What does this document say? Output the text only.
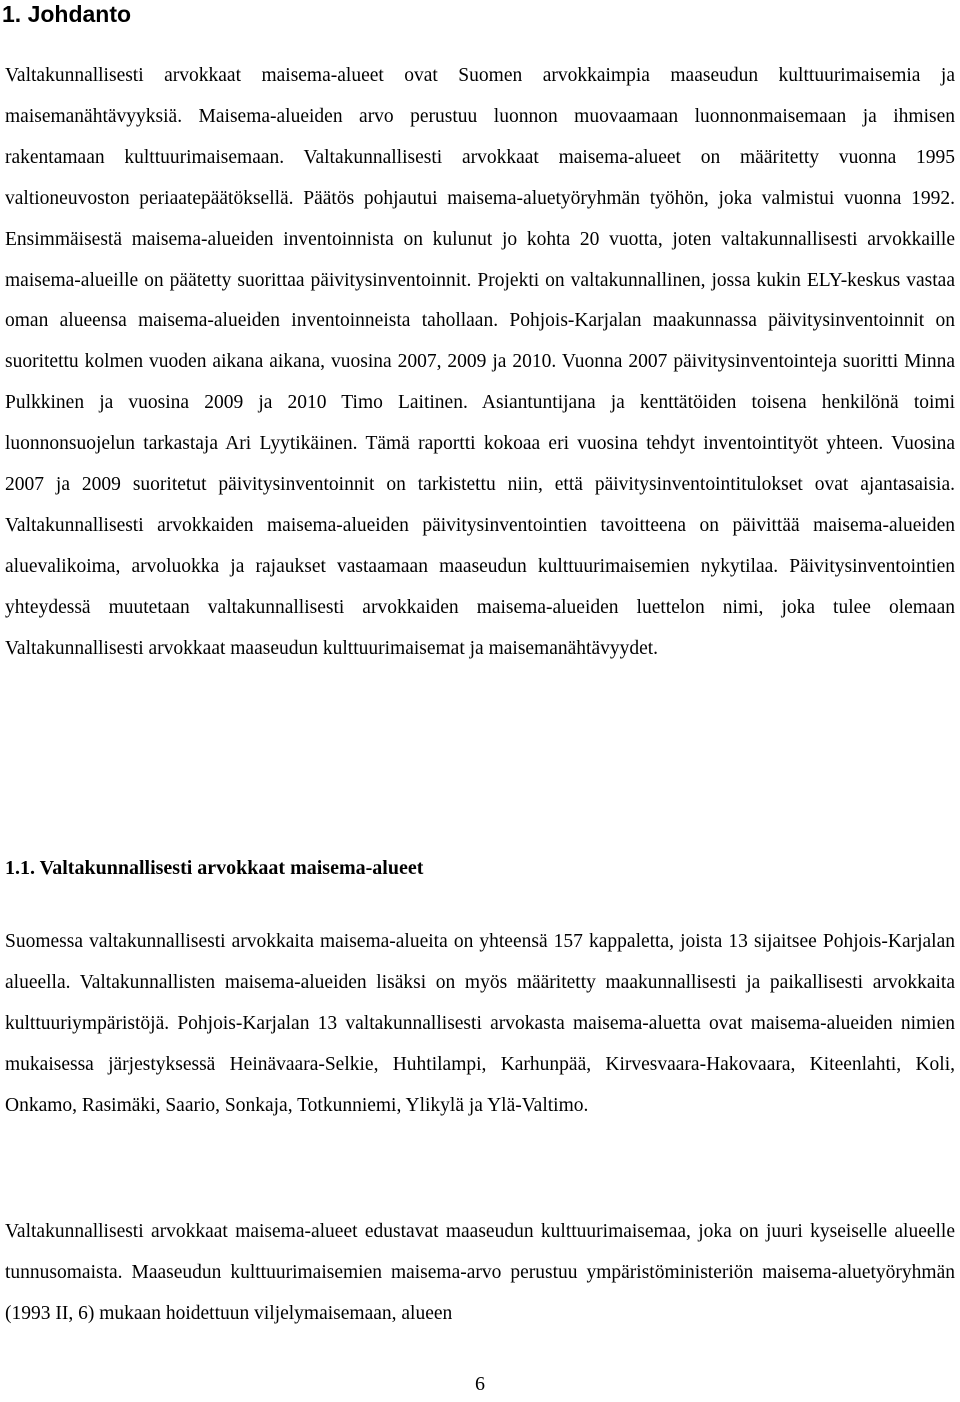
1. Johdanto

Valtakunnallisesti arvokkaat maisema-alueet ovat Suomen arvokkaimpia maaseudun kulttuurimaisemia ja maisemanähtävyyksiä. Maisema-alueiden arvo perustuu luonnon muovaamaan luonnonmaisemaan ja ihmisen rakentamaan kulttuurimaisemaan. Valtakunnallisesti arvokkaat maisema-alueet on määritetty vuonna 1995 valtioneuvoston periaatepäätöksellä. Päätös pohjautui maisema-aluetyöryhmän työhön, joka valmistui vuonna 1992. Ensimmäisestä maisema-alueiden inventoinnista on kulunut jo kohta 20 vuotta, joten valtakunnallisesti arvokkaille maisema-alueille on päätetty suorittaa päivitysinventoinnit. Projekti on valtakunnallinen, jossa kukin ELY-keskus vastaa oman alueensa maisema-alueiden inventoinneista tahollaan. Pohjois-Karjalan maakunnassa päivitysinventoinnit on suoritettu kolmen vuoden aikana aikana, vuosina 2007, 2009 ja 2010. Vuonna 2007 päivitysinventointeja suoritti Minna Pulkkinen ja vuosina 2009 ja 2010 Timo Laitinen. Asiantuntijana ja kenttätöiden toisena henkilönä toimi luonnonsuojelun tarkastaja Ari Lyytikäinen. Tämä raportti kokoaa eri vuosina tehdyt inventointityöt yhteen. Vuosina 2007 ja 2009 suoritetut päivitysinventoinnit on tarkistettu niin, että päivitysinventointitulokset ovat ajantasaisia. Valtakunnallisesti arvokkaiden maisema-alueiden päivitysinventointien tavoitteena on päivittää maisema-alueiden aluevalikoima, arvoluokka ja rajaukset vastaamaan maaseudun kulttuurimaisemien nykytilaa. Päivitysinventointien yhteydessä muutetaan valtakunnallisesti arvokkaiden maisema-alueiden luettelon nimi, joka tulee olemaan Valtakunnallisesti arvokkaat maaseudun kulttuurimaisemat ja maisemanähtävyydet.

1.1. Valtakunnallisesti arvokkaat maisema-alueet

Suomessa valtakunnallisesti arvokkaita maisema-alueita on yhteensä 157 kappaletta, joista 13 sijaitsee Pohjois-Karjalan alueella. Valtakunnallisten maisema-alueiden lisäksi on myös määritetty maakunnallisesti ja paikallisesti arvokkaita kulttuuriympäristöjä. Pohjois-Karjalan 13 valtakunnallisesti arvokasta maisema-aluetta ovat maisema-alueiden nimien mukaisessa järjestyksessä Heinävaara-Selkie, Huhtilampi, Karhunpää, Kirvesvaara-Hakovaara, Kiteenlahti, Koli, Onkamo, Rasimäki, Saario, Sonkaja, Totkunniemi, Ylikylä ja Ylä-Valtimo.

Valtakunnallisesti arvokkaat maisema-alueet edustavat maaseudun kulttuurimaisemaa, joka on juuri kyseiselle alueelle tunnusomaista. Maaseudun kulttuurimaisemien maisema-arvo perustuu ympäristöministeriön maisema-aluetyöryhmän (1993 II, 6) mukaan hoidettuun viljelymaisemaan, alueen

6
